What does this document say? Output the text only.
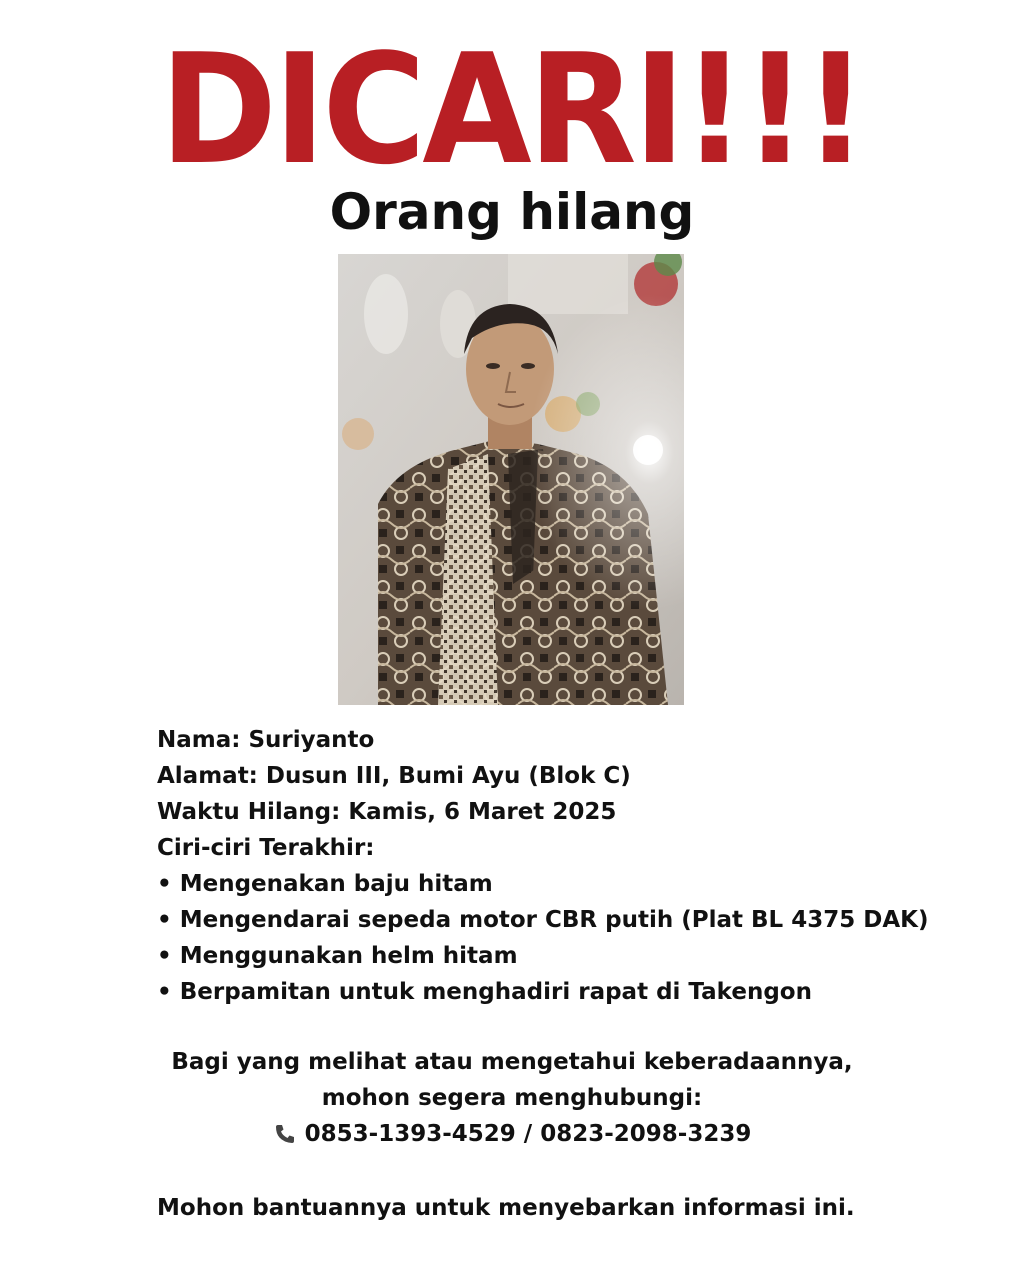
DICARI!!!
Orang hilang
Nama: Suriyanto
Alamat: Dusun III, Bumi Ayu (Blok C)
Waktu Hilang: Kamis, 6 Maret 2025
Ciri-ciri Terakhir:
• Mengenakan baju hitam
• Mengendarai sepeda motor CBR putih (Plat BL 4375 DAK)
• Menggunakan helm hitam
• Berpamitan untuk menghadiri rapat di Takengon
Bagi yang melihat atau mengetahui keberadaannya,
mohon segera menghubungi:
0853-1393-4529 / 0823-2098-3239
Mohon bantuannya untuk menyebarkan informasi ini.
